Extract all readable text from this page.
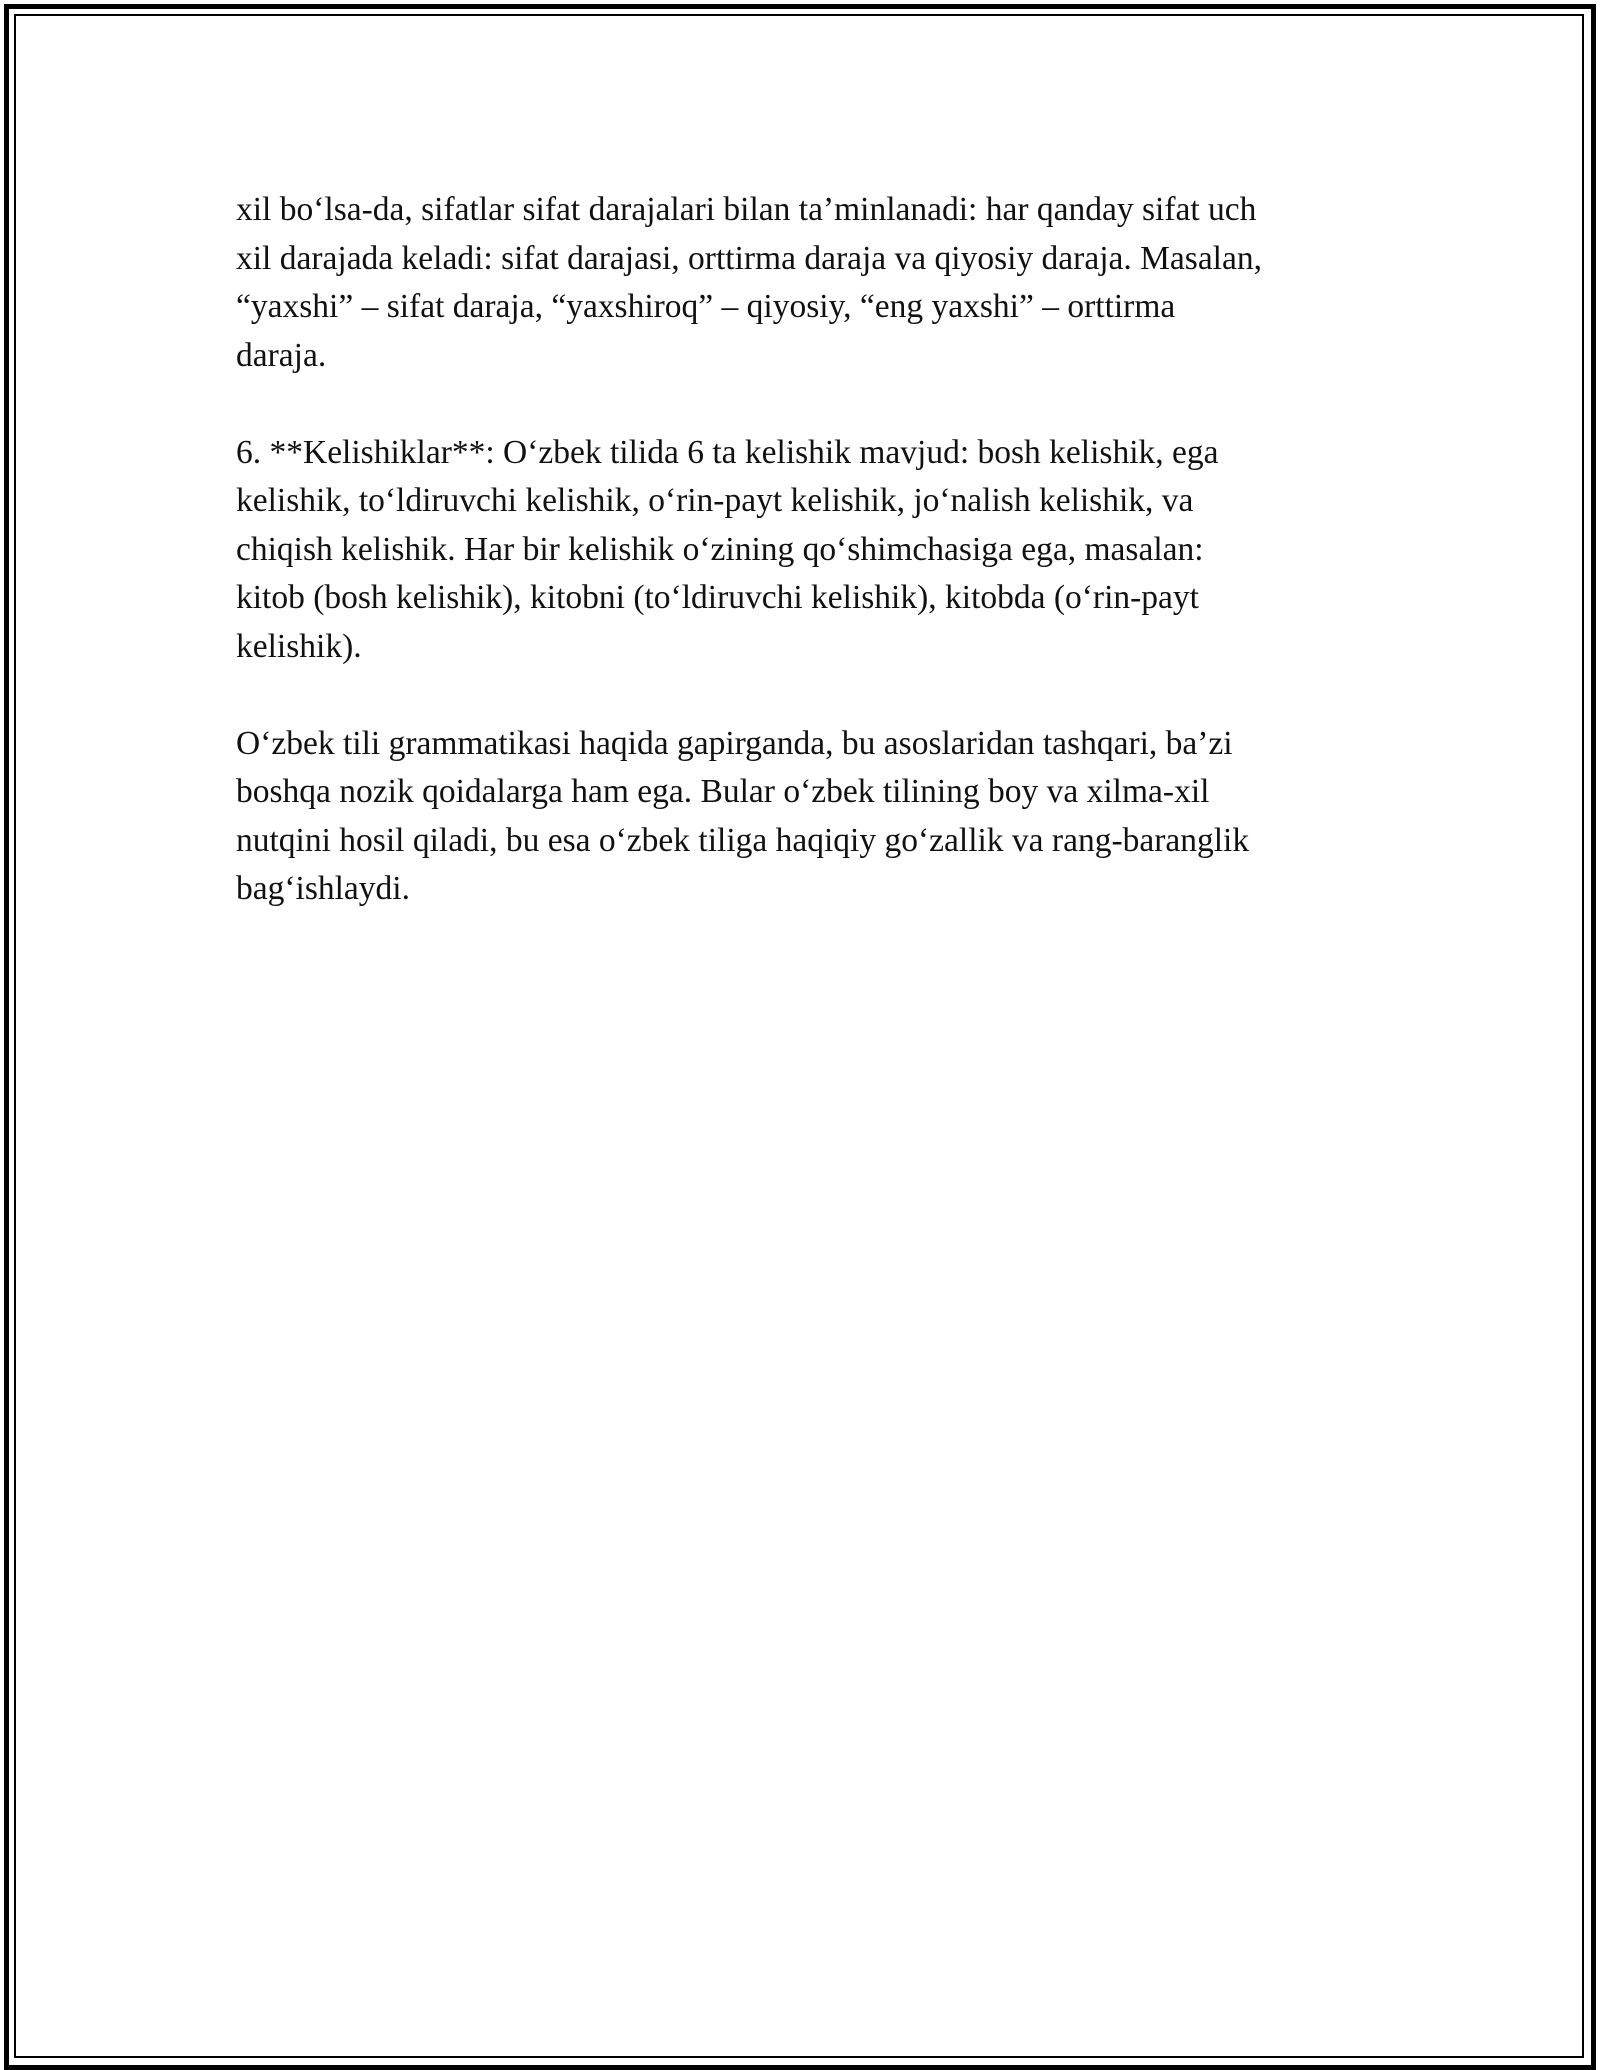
xil bo‘lsa-da, sifatlar sifat darajalari bilan ta’minlanadi: har qanday sifat uch
xil darajada keladi: sifat darajasi, orttirma daraja va qiyosiy daraja. Masalan,
“yaxshi” – sifat daraja, “yaxshiroq” – qiyosiy, “eng yaxshi” – orttirma
daraja.
6. **Kelishiklar**: O‘zbek tilida 6 ta kelishik mavjud: bosh kelishik, ega
kelishik, to‘ldiruvchi kelishik, o‘rin-payt kelishik, jo‘nalish kelishik, va
chiqish kelishik. Har bir kelishik o‘zining qo‘shimchasiga ega, masalan:
kitob (bosh kelishik), kitobni (to‘ldiruvchi kelishik), kitobda (o‘rin-payt
kelishik).
O‘zbek tili grammatikasi haqida gapirganda, bu asoslaridan tashqari, ba’zi
boshqa nozik qoidalarga ham ega. Bular o‘zbek tilining boy va xilma-xil
nutqini hosil qiladi, bu esa o‘zbek tiliga haqiqiy go‘zallik va rang-baranglik
bag‘ishlaydi.
